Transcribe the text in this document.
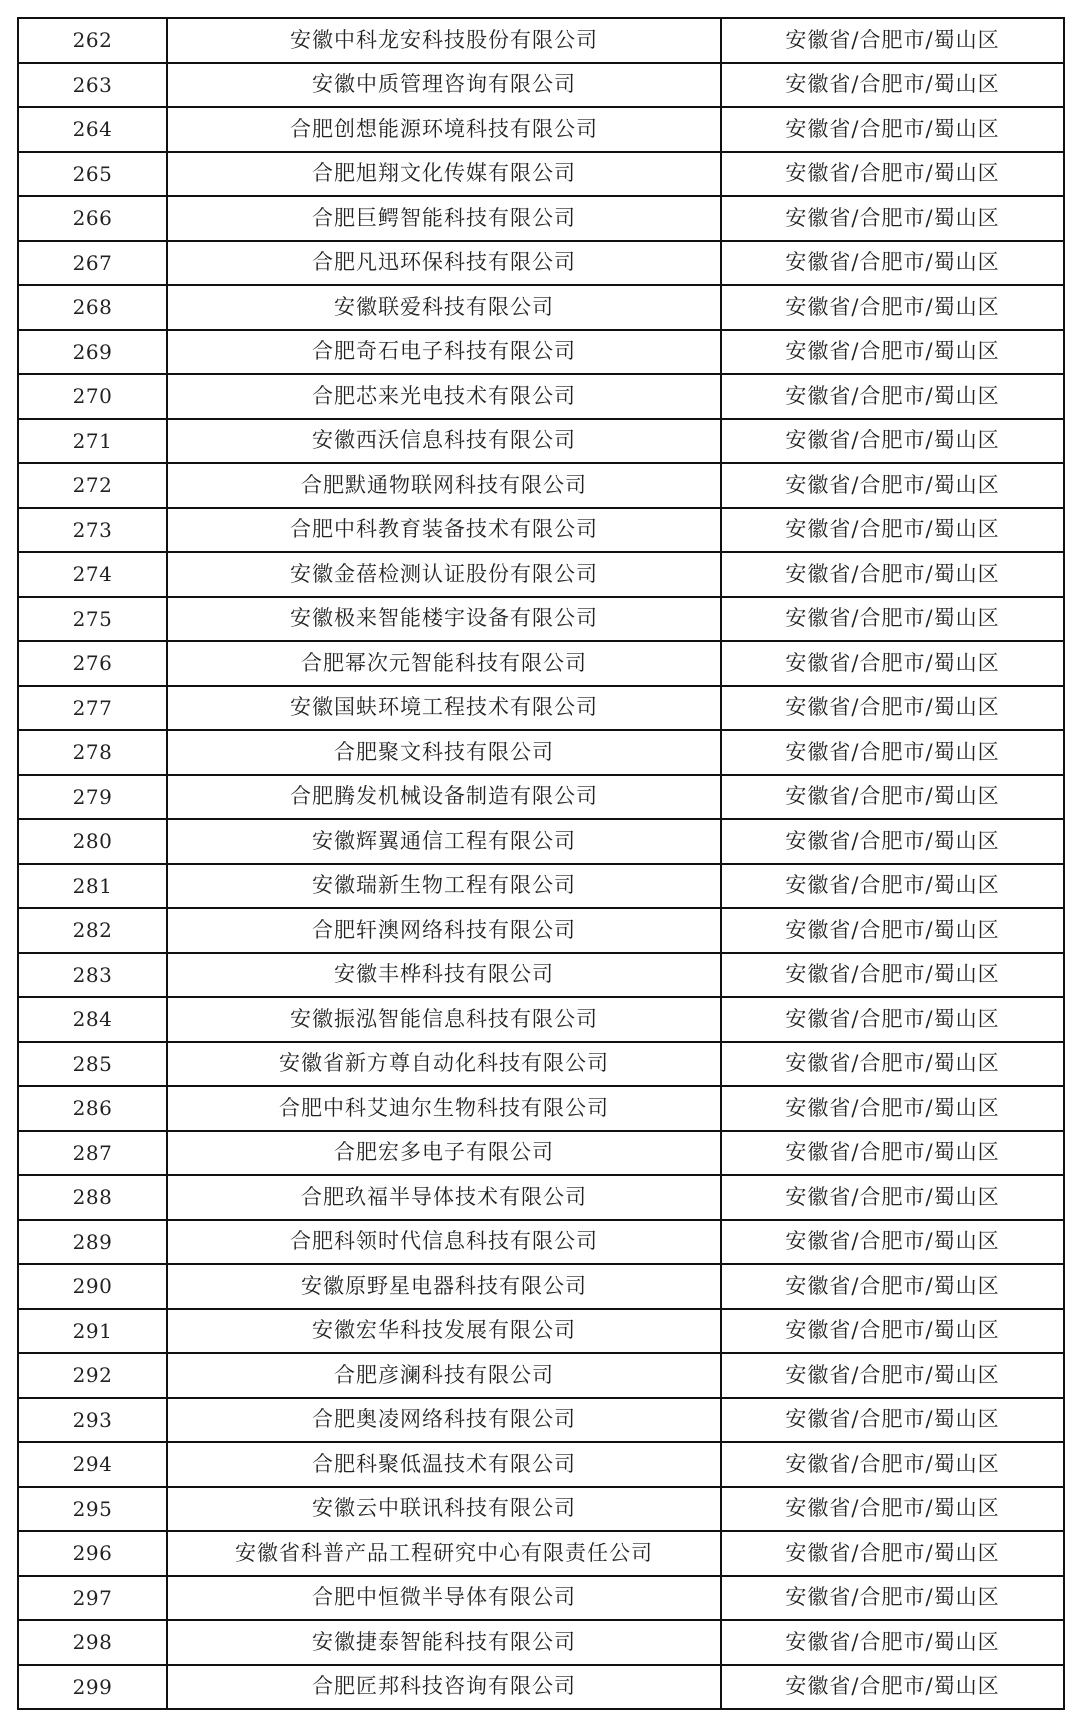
262	安徽中科龙安科技股份有限公司	安徽省/合肥市/蜀山区
263	安徽中质管理咨询有限公司	安徽省/合肥市/蜀山区
264	合肥创想能源环境科技有限公司	安徽省/合肥市/蜀山区
265	合肥旭翔文化传媒有限公司	安徽省/合肥市/蜀山区
266	合肥巨鳄智能科技有限公司	安徽省/合肥市/蜀山区
267	合肥凡迅环保科技有限公司	安徽省/合肥市/蜀山区
268	安徽联爱科技有限公司	安徽省/合肥市/蜀山区
269	合肥奇石电子科技有限公司	安徽省/合肥市/蜀山区
270	合肥芯来光电技术有限公司	安徽省/合肥市/蜀山区
271	安徽西沃信息科技有限公司	安徽省/合肥市/蜀山区
272	合肥默通物联网科技有限公司	安徽省/合肥市/蜀山区
273	合肥中科教育装备技术有限公司	安徽省/合肥市/蜀山区
274	安徽金蓓检测认证股份有限公司	安徽省/合肥市/蜀山区
275	安徽极来智能楼宇设备有限公司	安徽省/合肥市/蜀山区
276	合肥幂次元智能科技有限公司	安徽省/合肥市/蜀山区
277	安徽国蚨环境工程技术有限公司	安徽省/合肥市/蜀山区
278	合肥聚文科技有限公司	安徽省/合肥市/蜀山区
279	合肥腾发机械设备制造有限公司	安徽省/合肥市/蜀山区
280	安徽辉翼通信工程有限公司	安徽省/合肥市/蜀山区
281	安徽瑞新生物工程有限公司	安徽省/合肥市/蜀山区
282	合肥轩澳网络科技有限公司	安徽省/合肥市/蜀山区
283	安徽丰桦科技有限公司	安徽省/合肥市/蜀山区
284	安徽振泓智能信息科技有限公司	安徽省/合肥市/蜀山区
285	安徽省新方尊自动化科技有限公司	安徽省/合肥市/蜀山区
286	合肥中科艾迪尔生物科技有限公司	安徽省/合肥市/蜀山区
287	合肥宏多电子有限公司	安徽省/合肥市/蜀山区
288	合肥玖福半导体技术有限公司	安徽省/合肥市/蜀山区
289	合肥科领时代信息科技有限公司	安徽省/合肥市/蜀山区
290	安徽原野星电器科技有限公司	安徽省/合肥市/蜀山区
291	安徽宏华科技发展有限公司	安徽省/合肥市/蜀山区
292	合肥彦澜科技有限公司	安徽省/合肥市/蜀山区
293	合肥奥凌网络科技有限公司	安徽省/合肥市/蜀山区
294	合肥科聚低温技术有限公司	安徽省/合肥市/蜀山区
295	安徽云中联讯科技有限公司	安徽省/合肥市/蜀山区
296	安徽省科普产品工程研究中心有限责任公司	安徽省/合肥市/蜀山区
297	合肥中恒微半导体有限公司	安徽省/合肥市/蜀山区
298	安徽捷泰智能科技有限公司	安徽省/合肥市/蜀山区
299	合肥匠邦科技咨询有限公司	安徽省/合肥市/蜀山区
